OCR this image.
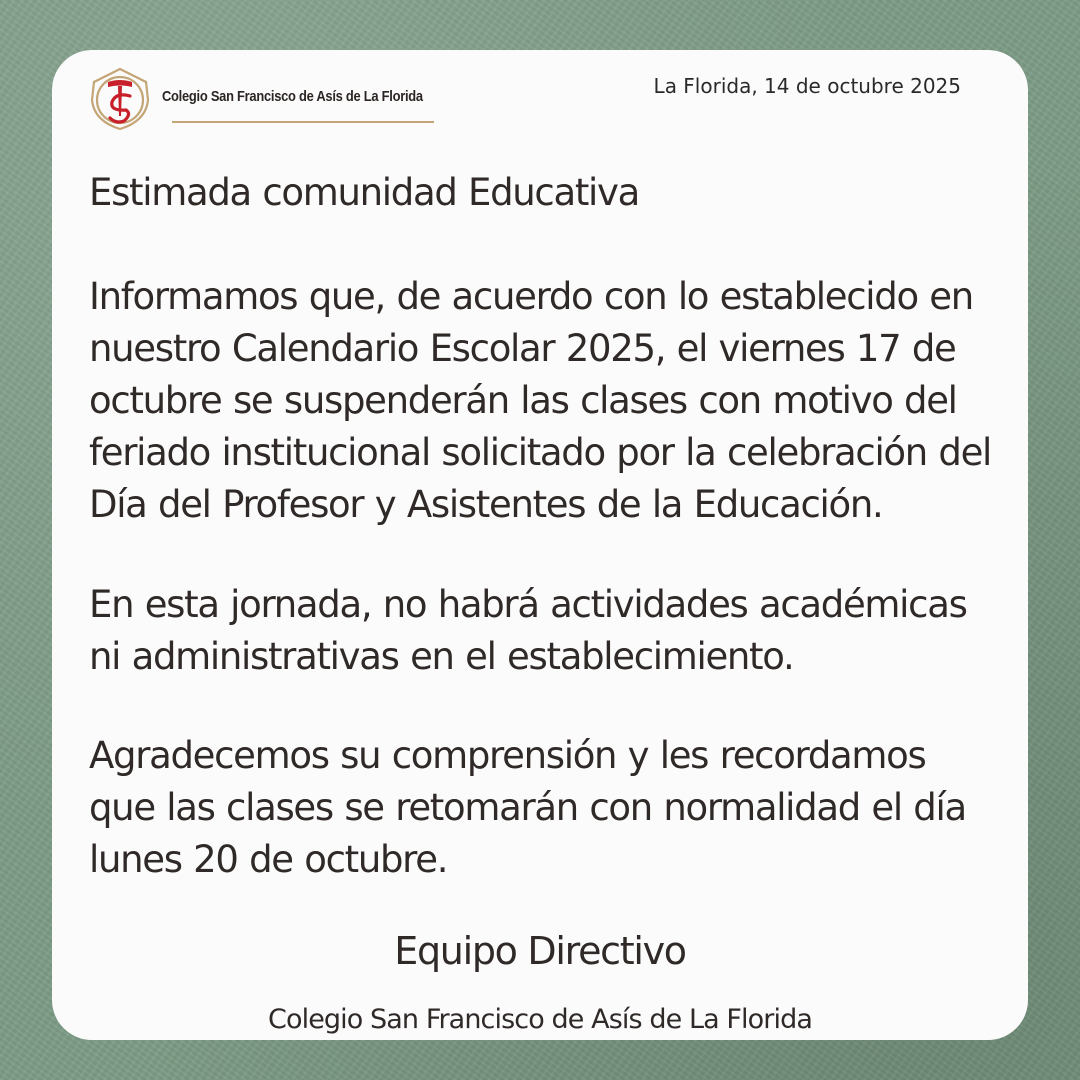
Colegio San Francisco de Asís de La Florida	La Florida, 14 de octubre 2025
Estimada comunidad Educativa
Informamos que, de acuerdo con lo establecido en nuestro Calendario Escolar 2025, el viernes 17 de octubre se suspenderán las clases con motivo del feriado institucional solicitado por la celebración del Día del Profesor y Asistentes de la Educación.
En esta jornada, no habrá actividades académicas ni administrativas en el establecimiento.
Agradecemos su comprensión y les recordamos que las clases se retomarán con normalidad el día lunes 20 de octubre.
Equipo Directivo
Colegio San Francisco de Asís de La Florida
